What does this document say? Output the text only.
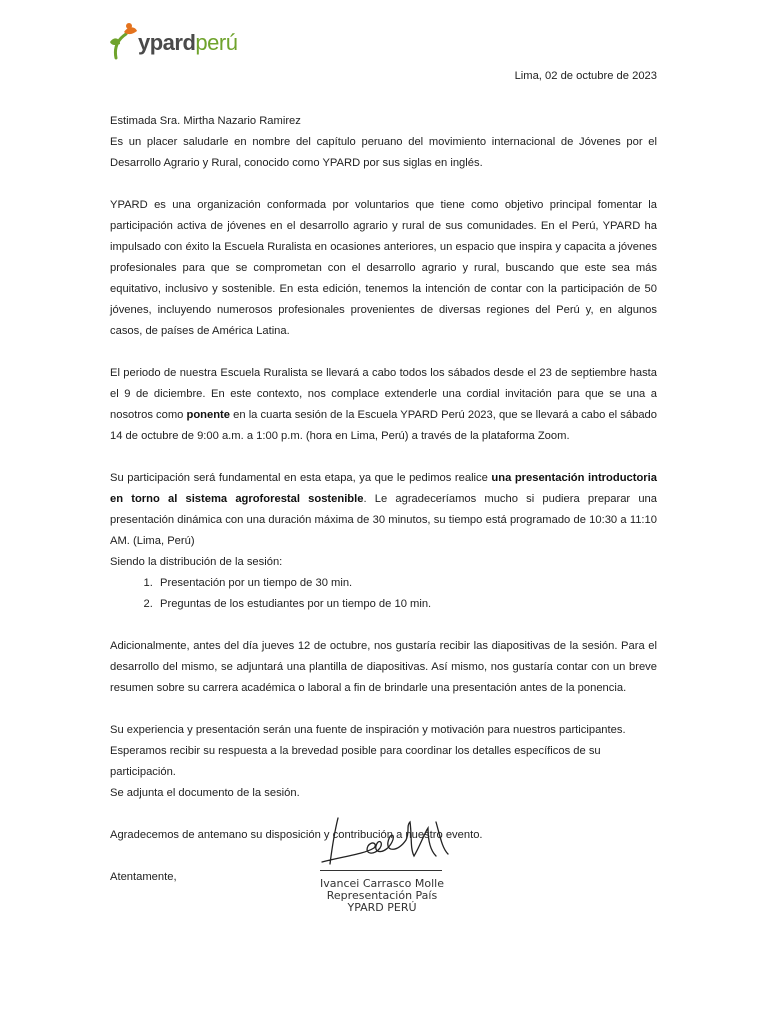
ypardperú
Lima, 02 de octubre de 2023

Estimada Sra. Mirtha Nazario Ramirez

Es un placer saludarle en nombre del capítulo peruano del movimiento internacional de Jóvenes por el Desarrollo Agrario y Rural, conocido como YPARD por sus siglas en inglés.

YPARD es una organización conformada por voluntarios que tiene como objetivo principal fomentar la participación activa de jóvenes en el desarrollo agrario y rural de sus comunidades. En el Perú, YPARD ha impulsado con éxito la Escuela Ruralista en ocasiones anteriores, un espacio que inspira y capacita a jóvenes profesionales para que se comprometan con el desarrollo agrario y rural, buscando que este sea más equitativo, inclusivo y sostenible. En esta edición, tenemos la intención de contar con la participación de 50 jóvenes, incluyendo numerosos profesionales provenientes de diversas regiones del Perú y, en algunos casos, de países de América Latina.

El periodo de nuestra Escuela Ruralista se llevará a cabo todos los sábados desde el 23 de septiembre hasta el 9 de diciembre. En este contexto, nos complace extenderle una cordial invitación para que se una a nosotros como ponente en la cuarta sesión de la Escuela YPARD Perú 2023, que se llevará a cabo el sábado 14 de octubre de 9:00 a.m. a 1:00 p.m. (hora en Lima, Perú) a través de la plataforma Zoom.

Su participación será fundamental en esta etapa, ya que le pedimos realice una presentación introductoria en torno al sistema agroforestal sostenible. Le agradeceríamos mucho si pudiera preparar una presentación dinámica con una duración máxima de 30 minutos, su tiempo está programado de 10:30 a 11:10 AM. (Lima, Perú)

Siendo la distribución de la sesión:

1. Presentación por un tiempo de 30 min.
2. Preguntas de los estudiantes por un tiempo de 10 min.

Adicionalmente, antes del día jueves 12 de octubre, nos gustaría recibir las diapositivas de la sesión. Para el desarrollo del mismo, se adjuntará una plantilla de diapositivas. Así mismo, nos gustaría contar con un breve resumen sobre su carrera académica o laboral a fin de brindarle una presentación antes de la ponencia.

Su experiencia y presentación serán una fuente de inspiración y motivación para nuestros participantes. Esperamos recibir su respuesta a la brevedad posible para coordinar los detalles específicos de su participación.

Se adjunta el documento de la sesión.

Agradecemos de antemano su disposición y contribución a nuestro evento.

Atentamente,	Ivancei Carrasco Molle
Representación País
YPARD PERÚ
